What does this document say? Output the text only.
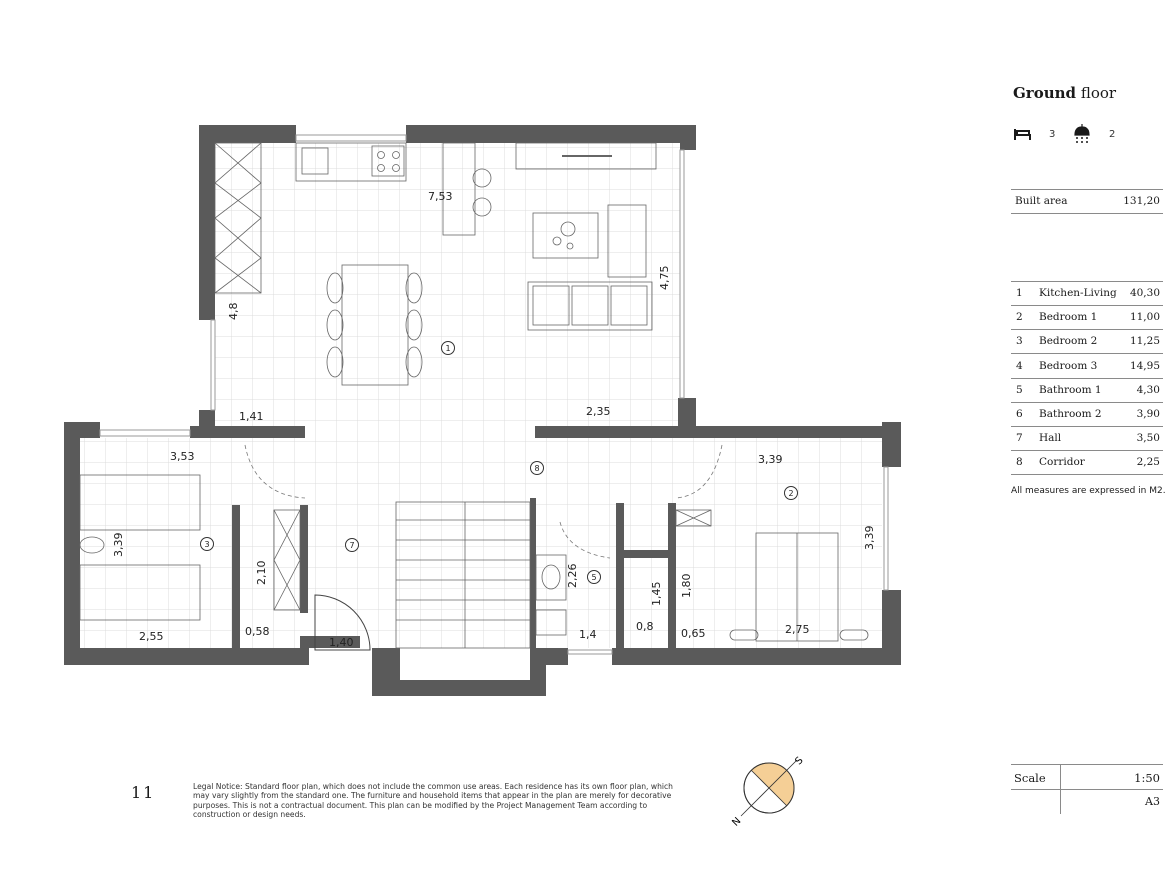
7,53
4,8
4,75
1,41	2,35
3,53
3,39
3,39
3,39
2,10
2,55	0,58
1,40
2,26
1,45 1,80
1,4
0,8
0,65	2,75
1
2
3
5
7
8
N
S
Ground floor
3	2
Built area	131,20
1 Kitchen-Living 40,30
2 Bedroom 1	11,00
3 Bedroom 2	11,25
4 Bedroom 3	14,95
5 Bathroom 1	4,30
6 Bathroom 2	3,90
7 Hall	3,50
8 Corridor	2,25
All measures are expressed in M2.
11	Legal Notice: Standard floor plan, which does not include the common use areas. Each residence has its own floor plan, which may vary slightly from the standard one. The furniture and household items that appear in the plan are merely for decorative purposes. This is not a contractual document. This plan can be modified by the Project Management Team according to construction or design needs.
Scale	1:50
A3
